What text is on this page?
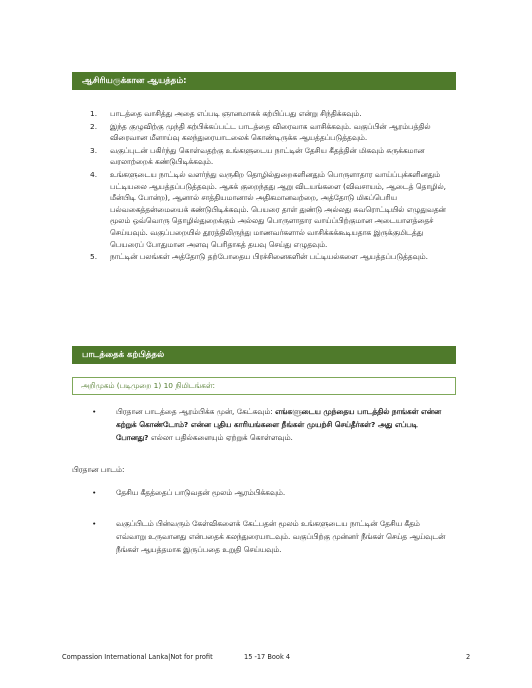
ஆசிரியருக்கான ஆயத்தம்:
1. பாடத்தை வாசித்து அதை எப்படி ஞானமாகக் கற்பிப்பது என்று சிந்திக்கவும்.
2. இந்த குழுவிற்கு முந்தி கற்பிக்கப்பட்ட பாடத்தை விரைவாக வாசிக்கவும். வகுப்பின் ஆரம்பத்தில் விரைவான மீளாய்வு கலந்துரையாடலைக் கொண்டிருக்க ஆயத்தப்படுத்தவும்.
3. வகுப்புடன் பகிர்ந்து கொள்வதற்கு உங்களுடைய நாட்டின் தேசிய கீதத்தின் மிகவும் சுருக்கமான வரலாற்றைக் கண்டுபிடிக்கவும்.
4. உங்களுடைய நாட்டில் வளர்ந்து வருகிற தொழில்துறைகளினதும் பொருளாதார வாய்ப்புக்களினதும் பட்டியலை ஆயத்தப்படுத்தவும். ஆகக் குறைந்தது ஆறு விடயங்களை (விவசாயம், ஆடைத் தொழில், மீன்பிடி போன்ற), ஆனால் சாத்தியமானால் அதிகமானவற்றை, அத்தோடு மிகப்பெரிய பல்வகைத்தன்மையைக் கண்டுபிடிக்கவும். பெயரை தாள் துண்டு அல்லது சுவரொட்டியில் எழுதுவதன் மூலம் ஒவ்வொரு தொழில்துறைக்கும் அல்லது பொருளாதார வாய்ப்பிற்குமான அடையாளத்தைச் செய்யவும். வகுப்பறையில் தூரத்திலிருந்து மாணவர்களால் வாசிக்கக்கூடியதாக இருக்குமிடத்து பெயரைப் போதுமான அளவு பெரிதாகத் தயவு செய்து எழுதவும்.
5. நாட்டின் பலங்கள் அத்தோடு தற்போதைய பிரச்சினைகளின் பட்டியல்களை ஆயத்தப்படுத்தவும்.
பாடத்தைக் கற்பித்தல்
அறிமுகம் (படிமுறை 1) 10 நிமிடங்கள்:
•	பிரதான பாடத்தை ஆரம்பிக்க முன், கேட்கவும்: எங்களுடைய முந்தைய பாடத்தில் நாங்கள் என்ன கற்றுக் கொண்டோம்? என்ன புதிய காரியங்களை நீங்கள் முயற்சி செய்தீர்கள்? அது எப்படி போனது? எல்லா பதில்களையும் ஏற்றுக் கொள்ளவும்.
பிரதான பாடம்:
•	தேசிய கீதத்தைப் பாடுவதன் மூலம் ஆரம்பிக்கவும்.
•	வகுப்பிடம் பின்வரும் கேள்விகளைக் கேட்பதன் மூலம் உங்களுடைய நாட்டின் தேசிய கீதம் எவ்வாறு உருவானது என்பதைக் கலந்துரையாடவும். வகுப்பிற்கு முன்னர் நீங்கள் செய்த ஆய்வுடன் நீங்கள் ஆயத்தமாக இருப்பதை உறுதி செய்யவும்.
Compassion International Lanka|Not for profit	15 -17 Book 4	2
